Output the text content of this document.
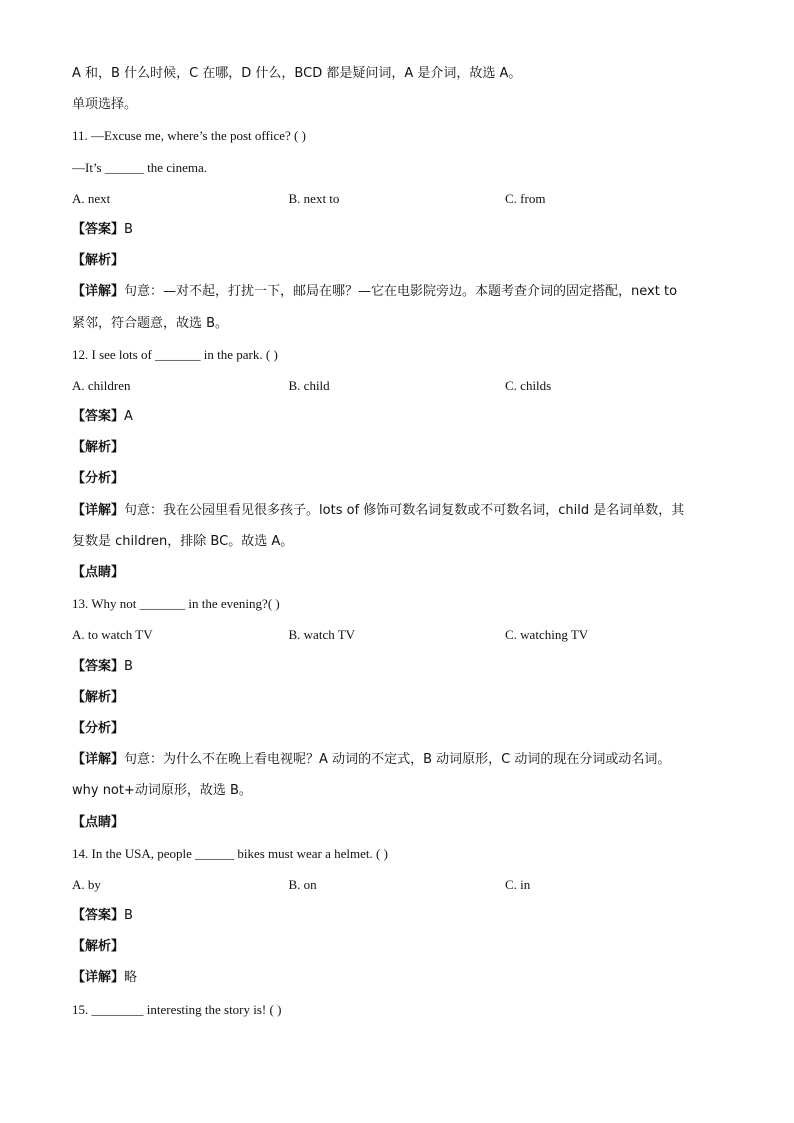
A 和，B 什么时候，C 在哪，D 什么，BCD 都是疑问词，A 是介词，故选 A。
单项选择。
11. —Excuse me, where’s the post office? ( )
—It’s ______ the cinema.
A. next	B. next to	C. from
【答案】B
【解析】
【详解】句意：—对不起，打扰一下，邮局在哪？—它在电影院旁边。本题考查介词的固定搭配，next to
紧邻，符合题意，故选 B。
12. I see lots of _______ in the park. ( )
A. children	B. child	C. childs
【答案】A
【解析】
【分析】
【详解】句意：我在公园里看见很多孩子。lots of 修饰可数名词复数或不可数名词，child 是名词单数，其
复数是 children，排除 BC。故选 A。
【点睛】
13. Why not _______ in the evening?( )
A. to watch TV	B. watch TV	C. watching TV
【答案】B
【解析】
【分析】
【详解】句意：为什么不在晚上看电视呢？A 动词的不定式，B 动词原形，C 动词的现在分词或动名词。
why not+动词原形，故选 B。
【点睛】
14. In the USA, people ______ bikes must wear a helmet. ( )
A. by	B. on	C. in
【答案】B
【解析】
【详解】略
15. ________ interesting the story is! ( )
